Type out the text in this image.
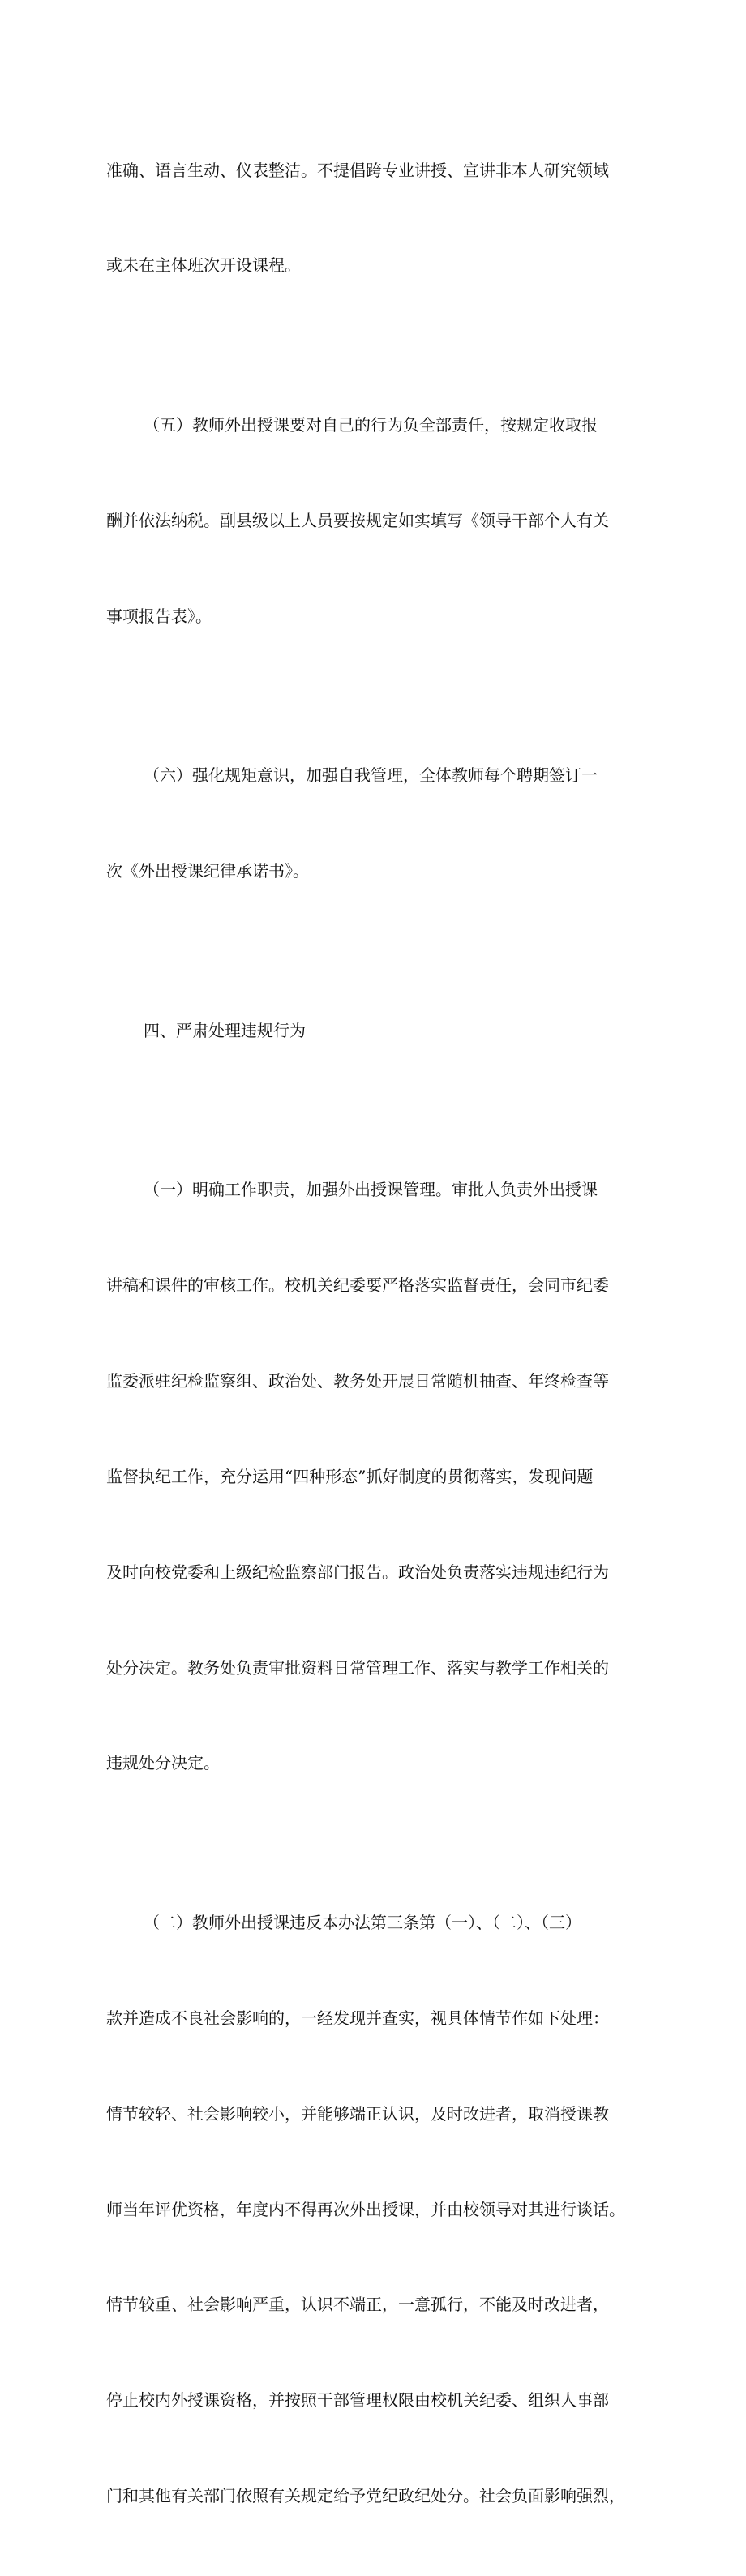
准确、语言生动、仪表整洁。不提倡跨专业讲授、宣讲非本人研究领域

或未在主体班次开设课程。

（五）教师外出授课要对自己的行为负全部责任，按规定收取报

酬并依法纳税。副县级以上人员要按规定如实填写《领导干部个人有关

事项报告表》。

（六）强化规矩意识，加强自我管理，全体教师每个聘期签订一

次《外出授课纪律承诺书》。

四、严肃处理违规行为

（一）明确工作职责，加强外出授课管理。审批人负责外出授课

讲稿和课件的审核工作。校机关纪委要严格落实监督责任，会同市纪委

监委派驻纪检监察组、政治处、教务处开展日常随机抽查、年终检查等

监督执纪工作，充分运用“四种形态”抓好制度的贯彻落实，发现问题

及时向校党委和上级纪检监察部门报告。政治处负责落实违规违纪行为

处分决定。教务处负责审批资料日常管理工作、落实与教学工作相关的

违规处分决定。

（二）教师外出授课违反本办法第三条第（一）、（二）、（三）

款并造成不良社会影响的，一经发现并查实，视具体情节作如下处理：

情节较轻、社会影响较小，并能够端正认识，及时改进者，取消授课教

师当年评优资格，年度内不得再次外出授课，并由校领导对其进行谈话。

情节较重、社会影响严重，认识不端正，一意孤行，不能及时改进者，

停止校内外授课资格，并按照干部管理权限由校机关纪委、组织人事部

门和其他有关部门依照有关规定给予党纪政纪处分。社会负面影响强烈，
